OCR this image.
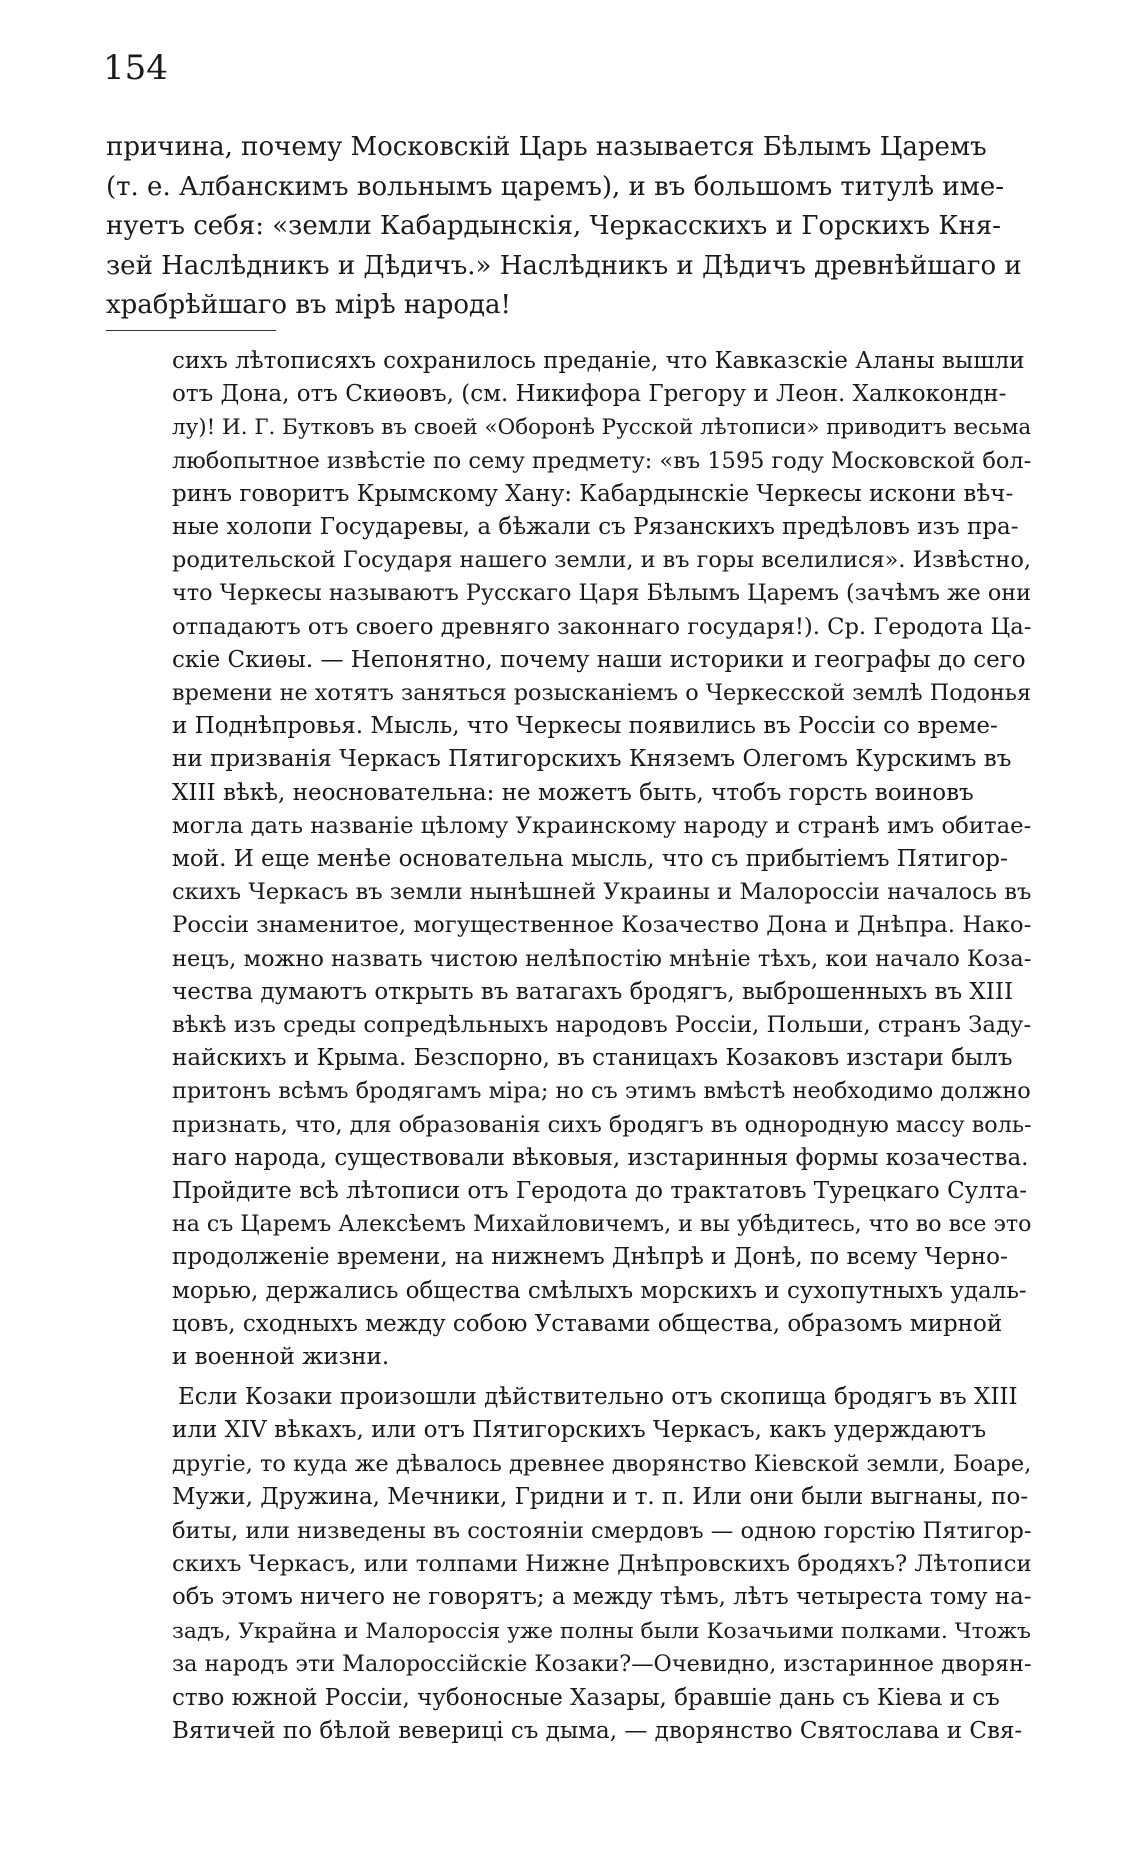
154
причина, почему Московскій Царь называется Бѣлымъ Царемъ
(т. е. Албанскимъ вольнымъ царемъ), и въ большомъ титулѣ име-
нуетъ себя: «земли Кабардынскія, Черкасскихъ и Горскихъ Кня-
зей Наслѣдникъ и Дѣдичъ.» Наслѣдникъ и Дѣдичъ древнѣйшаго и
храбрѣйшаго въ мірѣ народа!
сихъ лѣтописяхъ сохранилось преданіе, что Кавказскіе Аланы вышли
отъ Дона, отъ Скиѳовъ, (см. Никифора Грегору и Леон. Халкокондн-
лу)! И. Г. Бутковъ въ своей «Оборонѣ Русской лѣтописи» приводитъ весьма
любопытное извѣстіе по сему предмету: «въ 1595 году Московской бол-
ринъ говоритъ Крымскому Хану: Кабардынскіе Черкесы искони вѣч-
ные холопи Государевы, а бѣжали съ Рязанскихъ предѣловъ изъ пра-
родительской Государя нашего земли, и въ горы вселилися». Извѣстно,
что Черкесы называютъ Русскаго Царя Бѣлымъ Царемъ (зачѣмъ же они
отпадаютъ отъ своего древняго законнаго государя!). Ср. Геродота Ца-
скіе Скиѳы. — Непонятно, почему наши историки и географы до сего
времени не хотятъ заняться розысканіемъ о Черкесской землѣ Подонья
и Поднѣпровья. Мысль, что Черкесы появились въ Россіи со време-
ни призванія Черкасъ Пятигорскихъ Княземъ Олегомъ Курскимъ въ
XIII вѣкѣ, неосновательна: не можетъ быть, чтобъ горсть воиновъ
могла дать названіе цѣлому Украинскому народу и странѣ имъ обитае-
мой. И еще менѣе основательна мысль, что съ прибытіемъ Пятигор-
скихъ Черкасъ въ земли нынѣшней Украины и Малороссіи началось въ
Россіи знаменитое, могущественное Козачество Дона и Днѣпра. Нако-
нецъ, можно назвать чистою нелѣпостію мнѣніе тѣхъ, кои начало Коза-
чества думаютъ открыть въ ватагахъ бродягъ, выброшенныхъ въ XIII
вѣкѣ изъ среды сопредѣльныхъ народовъ Россіи, Польши, странъ Заду-
найскихъ и Крыма. Безспорно, въ станицахъ Козаковъ изстари былъ
притонъ всѣмъ бродягамъ міра; но съ этимъ вмѣстѣ необходимо должно
признать, что, для образованія сихъ бродягъ въ однородную массу воль-
наго народа, существовали вѣковыя, изстаринныя формы козачества.
Пройдите всѣ лѣтописи отъ Геродота до трактатовъ Турецкаго Султа-
на съ Царемъ Алексѣемъ Михайловичемъ, и вы убѣдитесь, что во все это
продолженіе времени, на нижнемъ Днѣпрѣ и Донѣ, по всему Черно-
морью, держались общества смѣлыхъ морскихъ и сухопутныхъ удаль-
цовъ, сходныхъ между собою Уставами общества, образомъ мирной
и военной жизни.
Если Козаки произошли дѣйствительно отъ скопища бродягъ въ XIII
или XIV вѣкахъ, или отъ Пятигорскихъ Черкасъ, какъ удерждаютъ
другіе, то куда же дѣвалось древнее дворянство Кіевской земли, Боаре,
Мужи, Дружина, Мечники, Гридни и т. п. Или они были выгнаны, по-
биты, или низведены въ состояніи смердовъ — одною горстію Пятигор-
скихъ Черкасъ, или толпами Нижне Днѣпровскихъ бродяхъ? Лѣтописи
объ этомъ ничего не говорятъ; а между тѣмъ, лѣтъ четыреста тому на-
задъ, Украйна и Малороссія уже полны были Козачьими полками. Чтожъ
за народъ эти Малороссійскіе Козаки?—Очевидно, изстаринное дворян-
ство южной Россіи, чубоносные Хазары, бравшіе дань съ Кіева и съ
Вятичей по бѣлой вевериці съ дыма, — дворянство Святослава и Свя-
